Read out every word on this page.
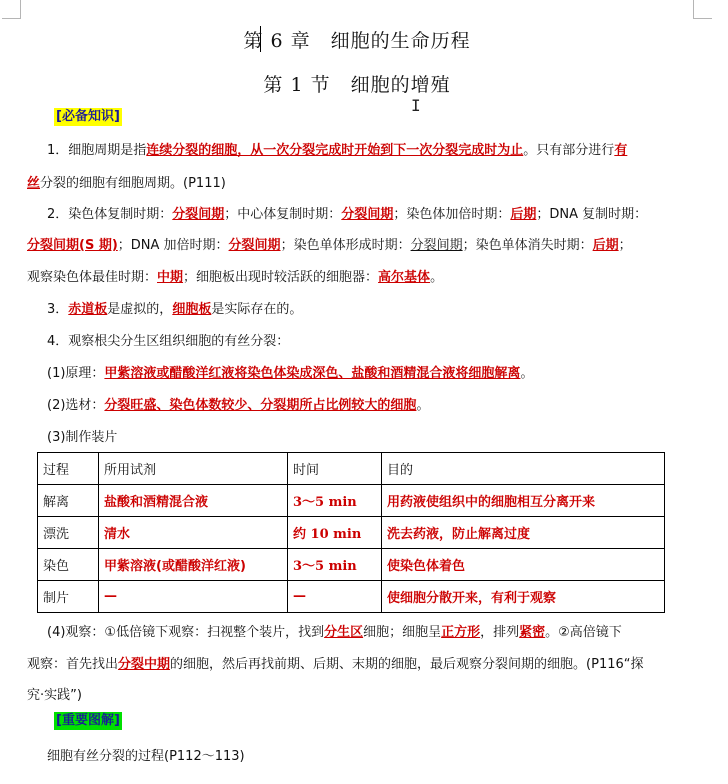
第 6 章　细胞的生命历程
第 1 节　细胞的增殖
I
[必备知识]
1．细胞周期是指连续分裂的细胞，从一次分裂完成时开始到下一次分裂完成时为止。只有部分进行有
丝分裂的细胞有细胞周期。(P111)
2．染色体复制时期：分裂间期；中心体复制时期：分裂间期；染色体加倍时期：后期；DNA 复制时期：
分裂间期(S 期)；DNA 加倍时期：分裂间期；染色单体形成时期：分裂间期；染色单体消失时期：后期；
观察染色体最佳时期：中期；细胞板出现时较活跃的细胞器：高尔基体。
3．赤道板是虚拟的，细胞板是实际存在的。
4．观察根尖分生区组织细胞的有丝分裂：
(1)原理：甲紫溶液或醋酸洋红液将染色体染成深色、盐酸和酒精混合液将细胞解离。
(2)选材：分裂旺盛、染色体数较少、分裂期所占比例较大的细胞。
(3)制作装片
过程	所用试剂	时间	目的
解离	盐酸和酒精混合液	3～5 min	用药液使组织中的细胞相互分离开来
漂洗	清水	约 10 min	洗去药液，防止解离过度
染色	甲紫溶液(或醋酸洋红液)	3～5 min	使染色体着色
制片	—	—	使细胞分散开来，有利于观察
(4)观察：①低倍镜下观察：扫视整个装片，找到分生区细胞；细胞呈正方形，排列紧密。②高倍镜下
观察：首先找出分裂中期的细胞，然后再找前期、后期、末期的细胞，最后观察分裂间期的细胞。(P116“探
究·实践”)
[重要图解]
细胞有丝分裂的过程(P112～113)
